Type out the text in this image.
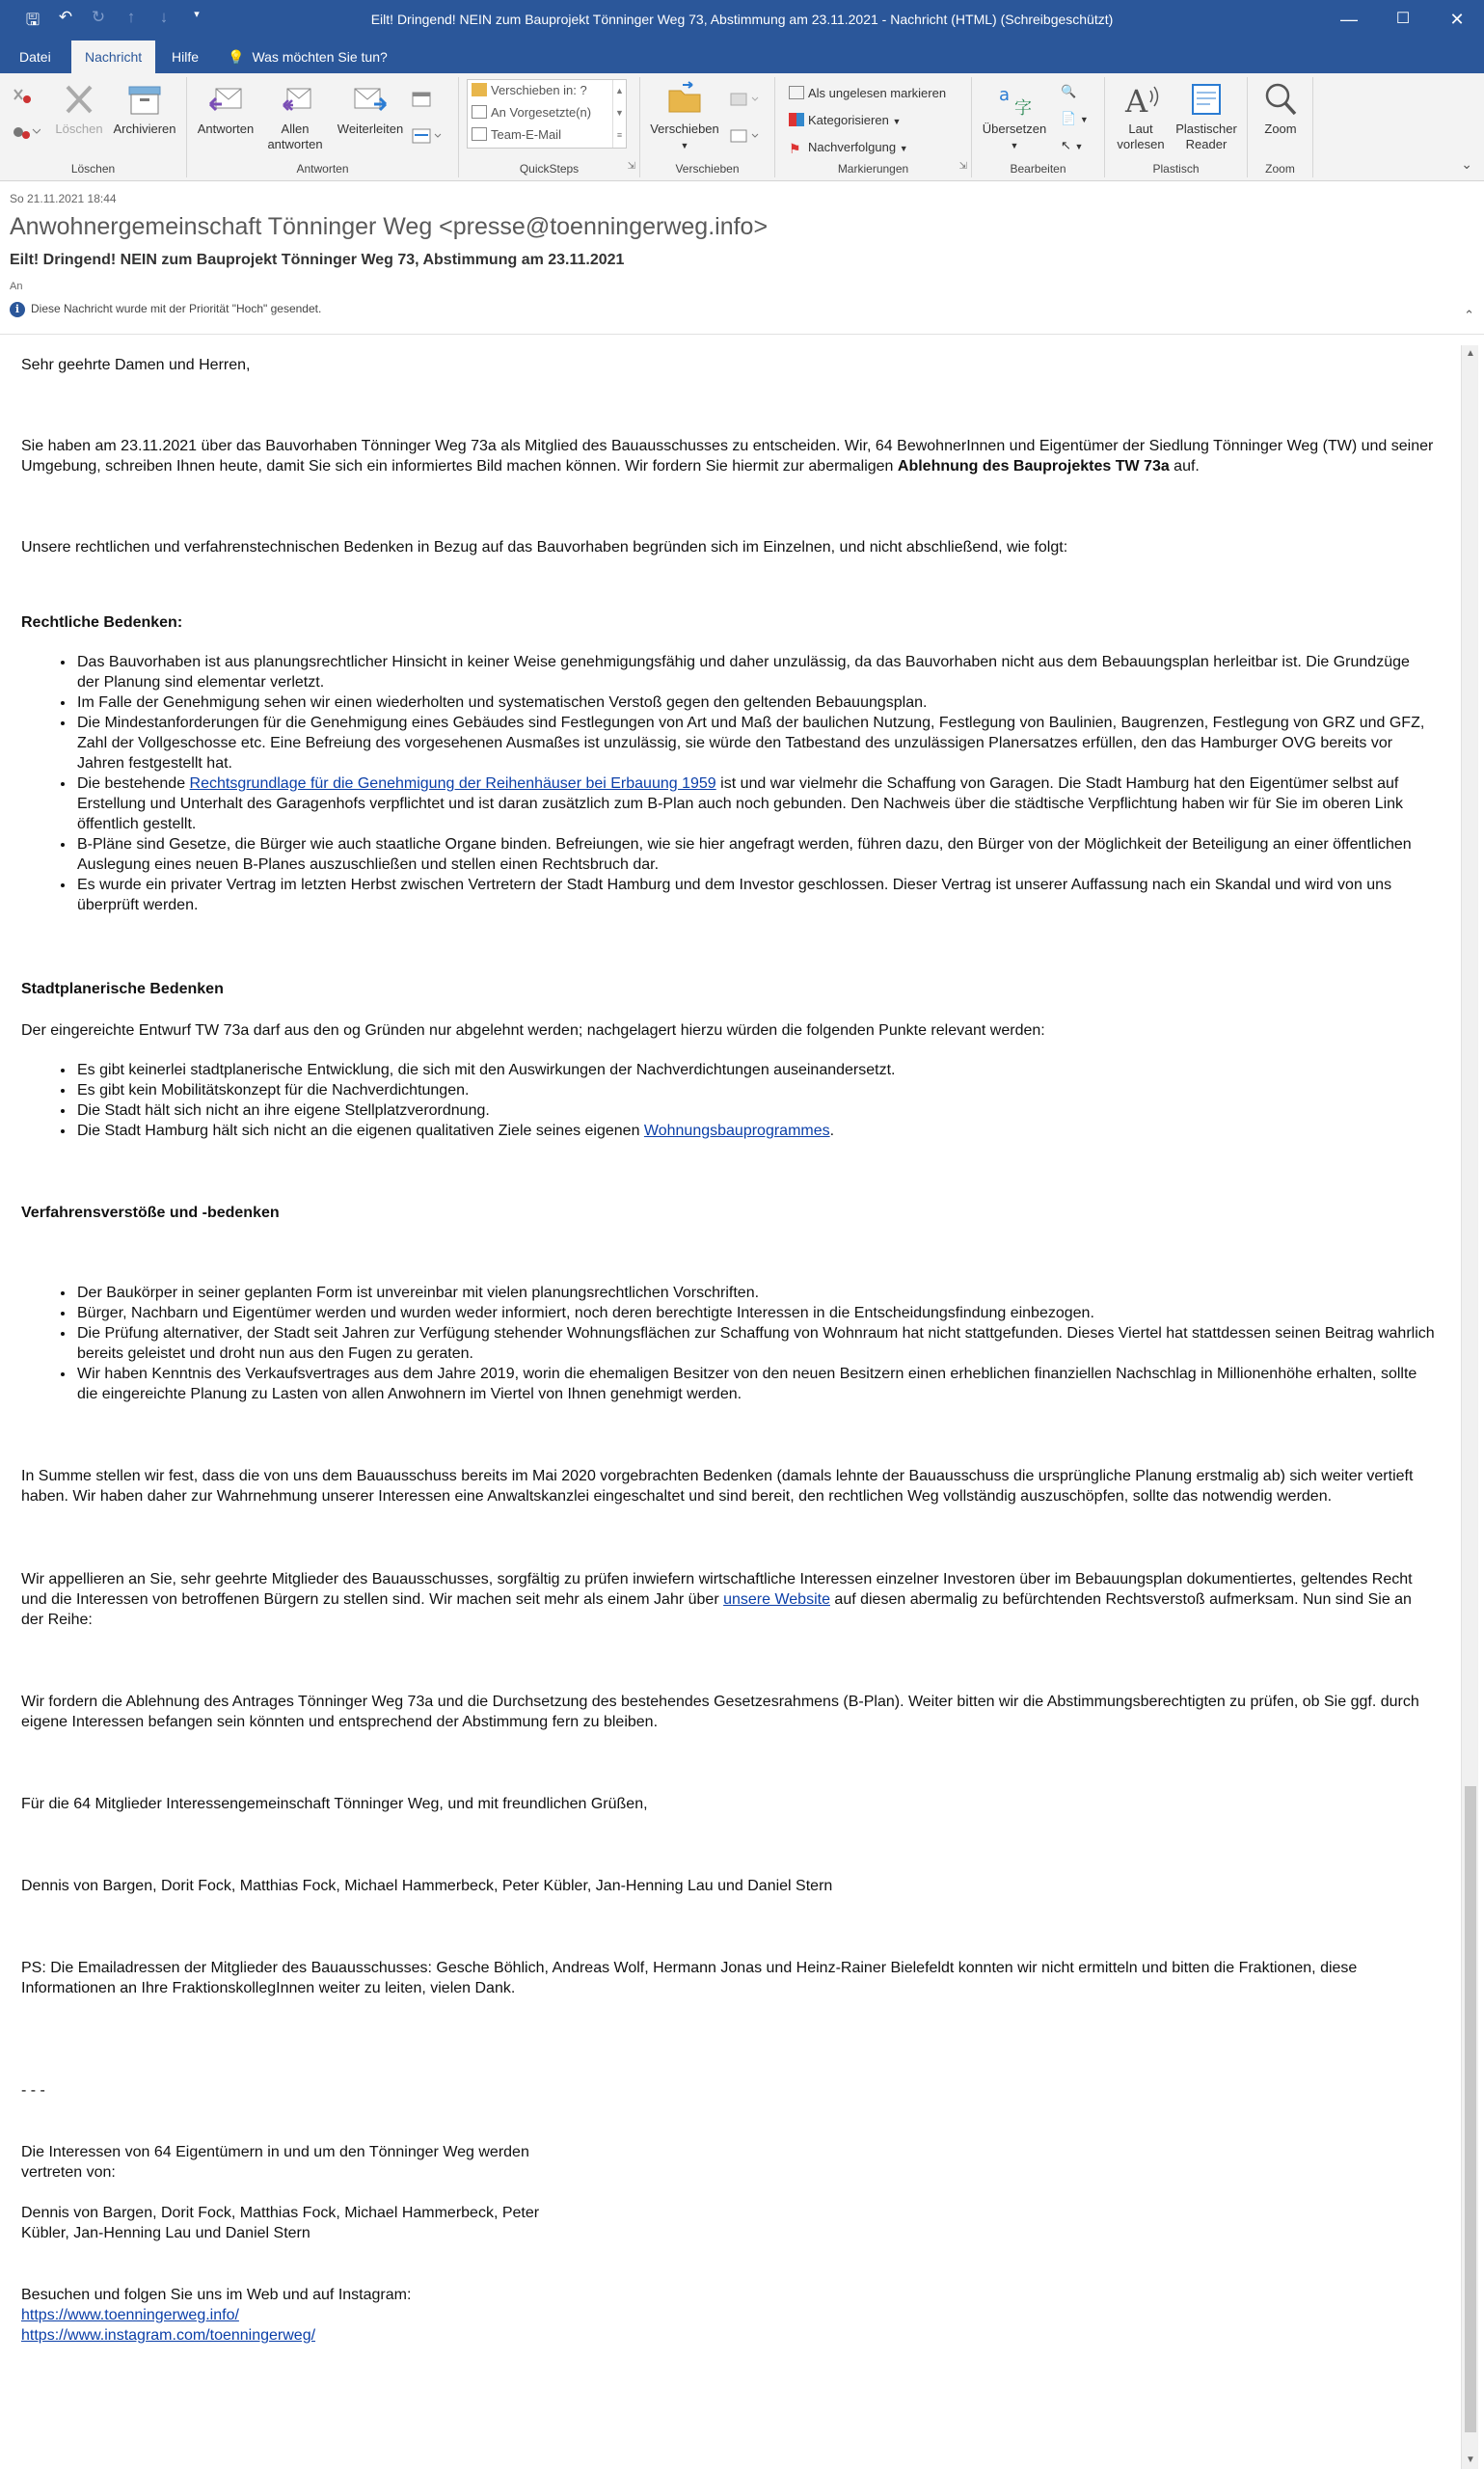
🖫 ↶ ↻	↑	↓	▾	Eilt! Dringend! NEIN zum Bauprojekt Tönninger Weg 73, Abstimmung am 23.11.2021 - Nachricht (HTML) (Schreibgeschützt)	—	☐	✕
Datei	Nachricht	Hilfe	💡 Was möchten Sie tun?
Löschen Archivieren
Löschen
Antworten	Allen
antworten
Weiterleiten
Antworten	QuickSteps	⇲
Verschieben in: ?
An Vorgesetzte(n)
Team-E-Mail
▲
▼
≡	Verschieben
▼
Verschieben
Als ungelesen markieren
Kategorisieren ▼
⚑ Nachverfolgung ▼
Markierungen	⇲
a
字
Übersetzen
▼
🔍
📄 ▼
↖ ▼
Bearbeiten
A
Laut
vorlesen
Plastischer
Reader
Plastisch
Zoom
Zoom	⌄
So 21.11.2021 18:44
Anwohnergemeinschaft Tönninger Weg <presse@toenningerweg.info>
Eilt! Dringend! NEIN zum Bauprojekt Tönninger Weg 73, Abstimmung am 23.11.2021
An
i Diese Nachricht wurde mit der Priorität "Hoch" gesendet.	⌃

Sehr geehrte Damen und Herren,

Sie haben am 23.11.2021 über das Bauvorhaben Tönninger Weg 73a als Mitglied des Bauausschusses zu entscheiden. Wir, 64 BewohnerInnen und Eigentümer der Siedlung Tönninger Weg (TW) und seiner Umgebung, schreiben Ihnen heute, damit Sie sich ein informiertes Bild machen können. Wir fordern Sie hiermit zur abermaligen Ablehnung des Bauprojektes TW 73a auf.

Unsere rechtlichen und verfahrenstechnischen Bedenken in Bezug auf das Bauvorhaben begründen sich im Einzelnen, und nicht abschließend, wie folgt:

Rechtliche Bedenken:
• Das Bauvorhaben ist aus planungsrechtlicher Hinsicht in keiner Weise genehmigungsfähig und daher unzulässig, da das Bauvorhaben nicht aus dem Bebauungsplan herleitbar ist. Die Grundzüge der Planung sind elementar verletzt.
• Im Falle der Genehmigung sehen wir einen wiederholten und systematischen Verstoß gegen den geltenden Bebauungsplan.
• Die Mindestanforderungen für die Genehmigung eines Gebäudes sind Festlegungen von Art und Maß der baulichen Nutzung, Festlegung von Baulinien, Baugrenzen, Festlegung von GRZ und GFZ, Zahl der Vollgeschosse etc. Eine Befreiung des vorgesehenen Ausmaßes ist unzulässig, sie würde den Tatbestand des unzulässigen Planersatzes erfüllen, den das Hamburger OVG bereits vor Jahren festgestellt hat.
• Die bestehende Rechtsgrundlage für die Genehmigung der Reihenhäuser bei Erbauung 1959 ist und war vielmehr die Schaffung von Garagen. Die Stadt Hamburg hat den Eigentümer selbst auf Erstellung und Unterhalt des Garagenhofs verpflichtet und ist daran zusätzlich zum B-Plan auch noch gebunden. Den Nachweis über die städtische Verpflichtung haben wir für Sie im oberen Link öffentlich gestellt.
• B-Pläne sind Gesetze, die Bürger wie auch staatliche Organe binden. Befreiungen, wie sie hier angefragt werden, führen dazu, den Bürger von der Möglichkeit der Beteiligung an einer öffentlichen Auslegung eines neuen B-Planes auszuschließen und stellen einen Rechtsbruch dar.
• Es wurde ein privater Vertrag im letzten Herbst zwischen Vertretern der Stadt Hamburg und dem Investor geschlossen. Dieser Vertrag ist unserer Auffassung nach ein Skandal und wird von uns überprüft werden.
Stadtplanerische Bedenken

Der eingereichte Entwurf TW 73a darf aus den og Gründen nur abgelehnt werden; nachgelagert hierzu würden die folgenden Punkte relevant werden:

• Es gibt keinerlei stadtplanerische Entwicklung, die sich mit den Auswirkungen der Nachverdichtungen auseinandersetzt.
• Es gibt kein Mobilitätskonzept für die Nachverdichtungen.
• Die Stadt hält sich nicht an ihre eigene Stellplatzverordnung.
• Die Stadt Hamburg hält sich nicht an die eigenen qualitativen Ziele seines eigenen Wohnungsbauprogrammes.
Verfahrensverstöße und -bedenken
• Der Baukörper in seiner geplanten Form ist unvereinbar mit vielen planungsrechtlichen Vorschriften.
• Bürger, Nachbarn und Eigentümer werden und wurden weder informiert, noch deren berechtigte Interessen in die Entscheidungsfindung einbezogen.
• Die Prüfung alternativer, der Stadt seit Jahren zur Verfügung stehender Wohnungsflächen zur Schaffung von Wohnraum hat nicht stattgefunden. Dieses Viertel hat stattdessen seinen Beitrag wahrlich bereits geleistet und droht nun aus den Fugen zu geraten.
• Wir haben Kenntnis des Verkaufsvertrages aus dem Jahre 2019, worin die ehemaligen Besitzer von den neuen Besitzern einen erheblichen finanziellen Nachschlag in Millionenhöhe erhalten, sollte die eingereichte Planung zu Lasten von allen Anwohnern im Viertel von Ihnen genehmigt werden.

In Summe stellen wir fest, dass die von uns dem Bauausschuss bereits im Mai 2020 vorgebrachten Bedenken (damals lehnte der Bauausschuss die ursprüngliche Planung erstmalig ab) sich weiter vertieft haben. Wir haben daher zur Wahrnehmung unserer Interessen eine Anwaltskanzlei eingeschaltet und sind bereit, den rechtlichen Weg vollständig auszuschöpfen, sollte das notwendig werden.

Wir appellieren an Sie, sehr geehrte Mitglieder des Bauausschusses, sorgfältig zu prüfen inwiefern wirtschaftliche Interessen einzelner Investoren über im Bebauungsplan dokumentiertes, geltendes Recht und die Interessen von betroffenen Bürgern zu stellen sind. Wir machen seit mehr als einem Jahr über unsere Website auf diesen abermalig zu befürchtenden Rechtsverstoß aufmerksam. Nun sind Sie an der Reihe:

Wir fordern die Ablehnung des Antrages Tönninger Weg 73a und die Durchsetzung des bestehendes Gesetzesrahmens (B-Plan). Weiter bitten wir die Abstimmungsberechtigten zu prüfen, ob Sie ggf. durch eigene Interessen befangen sein könnten und entsprechend der Abstimmung fern zu bleiben.

Für die 64 Mitglieder Interessengemeinschaft Tönninger Weg, und mit freundlichen Grüßen,

Dennis von Bargen, Dorit Fock, Matthias Fock, Michael Hammerbeck, Peter Kübler, Jan-Henning Lau und Daniel Stern

PS: Die Emailadressen der Mitglieder des Bauausschusses: Gesche Böhlich, Andreas Wolf, Hermann Jonas und Heinz-Rainer Bielefeldt konnten wir nicht ermitteln und bitten die Fraktionen, diese Informationen an Ihre FraktionskollegInnen weiter zu leiten, vielen Dank.

- - -

Die Interessen von 64 Eigentümern in und um den Tönninger Weg werden

vertreten von:

Dennis von Bargen, Dorit Fock, Matthias Fock, Michael Hammerbeck, Peter

Kübler, Jan-Henning Lau und Daniel Stern

Besuchen und folgen Sie uns im Web und auf Instagram:

https://www.toenningerweg.info/

https://www.instagram.com/toenningerweg/

▲
▼
